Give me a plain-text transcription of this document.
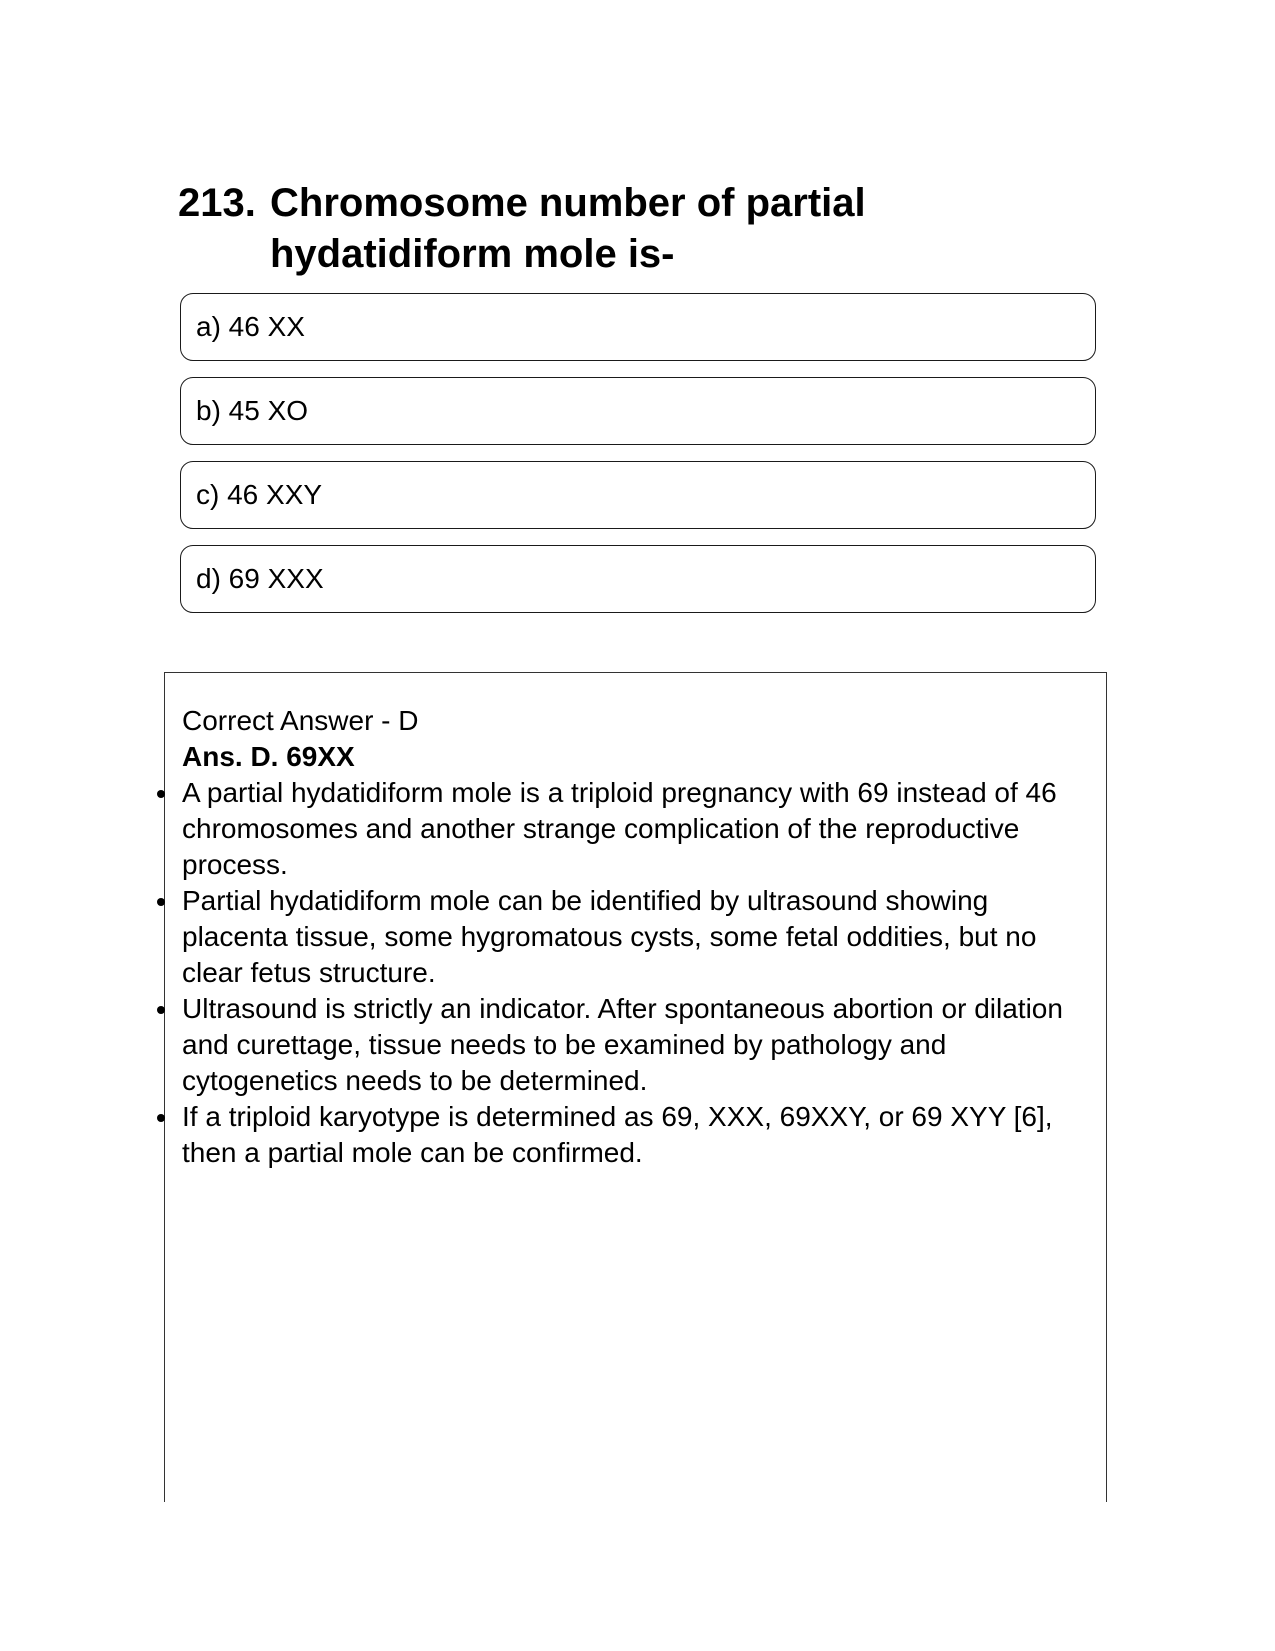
213. Chromosome number of partial hydatidiform mole is-
a) 46 XX
b) 45 XO
c) 46 XXY
d) 69 XXX
Correct Answer - D
Ans. D. 69XX
A partial hydatidiform mole is a triploid pregnancy with 69 instead of 46 chromosomes and another strange complication of the reproductive process.
Partial hydatidiform mole can be identified by ultrasound showing placenta tissue, some hygromatous cysts, some fetal oddities, but no clear fetus structure.
Ultrasound is strictly an indicator. After spontaneous abortion or dilation and curettage, tissue needs to be examined by pathology and cytogenetics needs to be determined.
If a triploid karyotype is determined as 69, XXX, 69XXY, or 69 XYY [6], then a partial mole can be confirmed.
